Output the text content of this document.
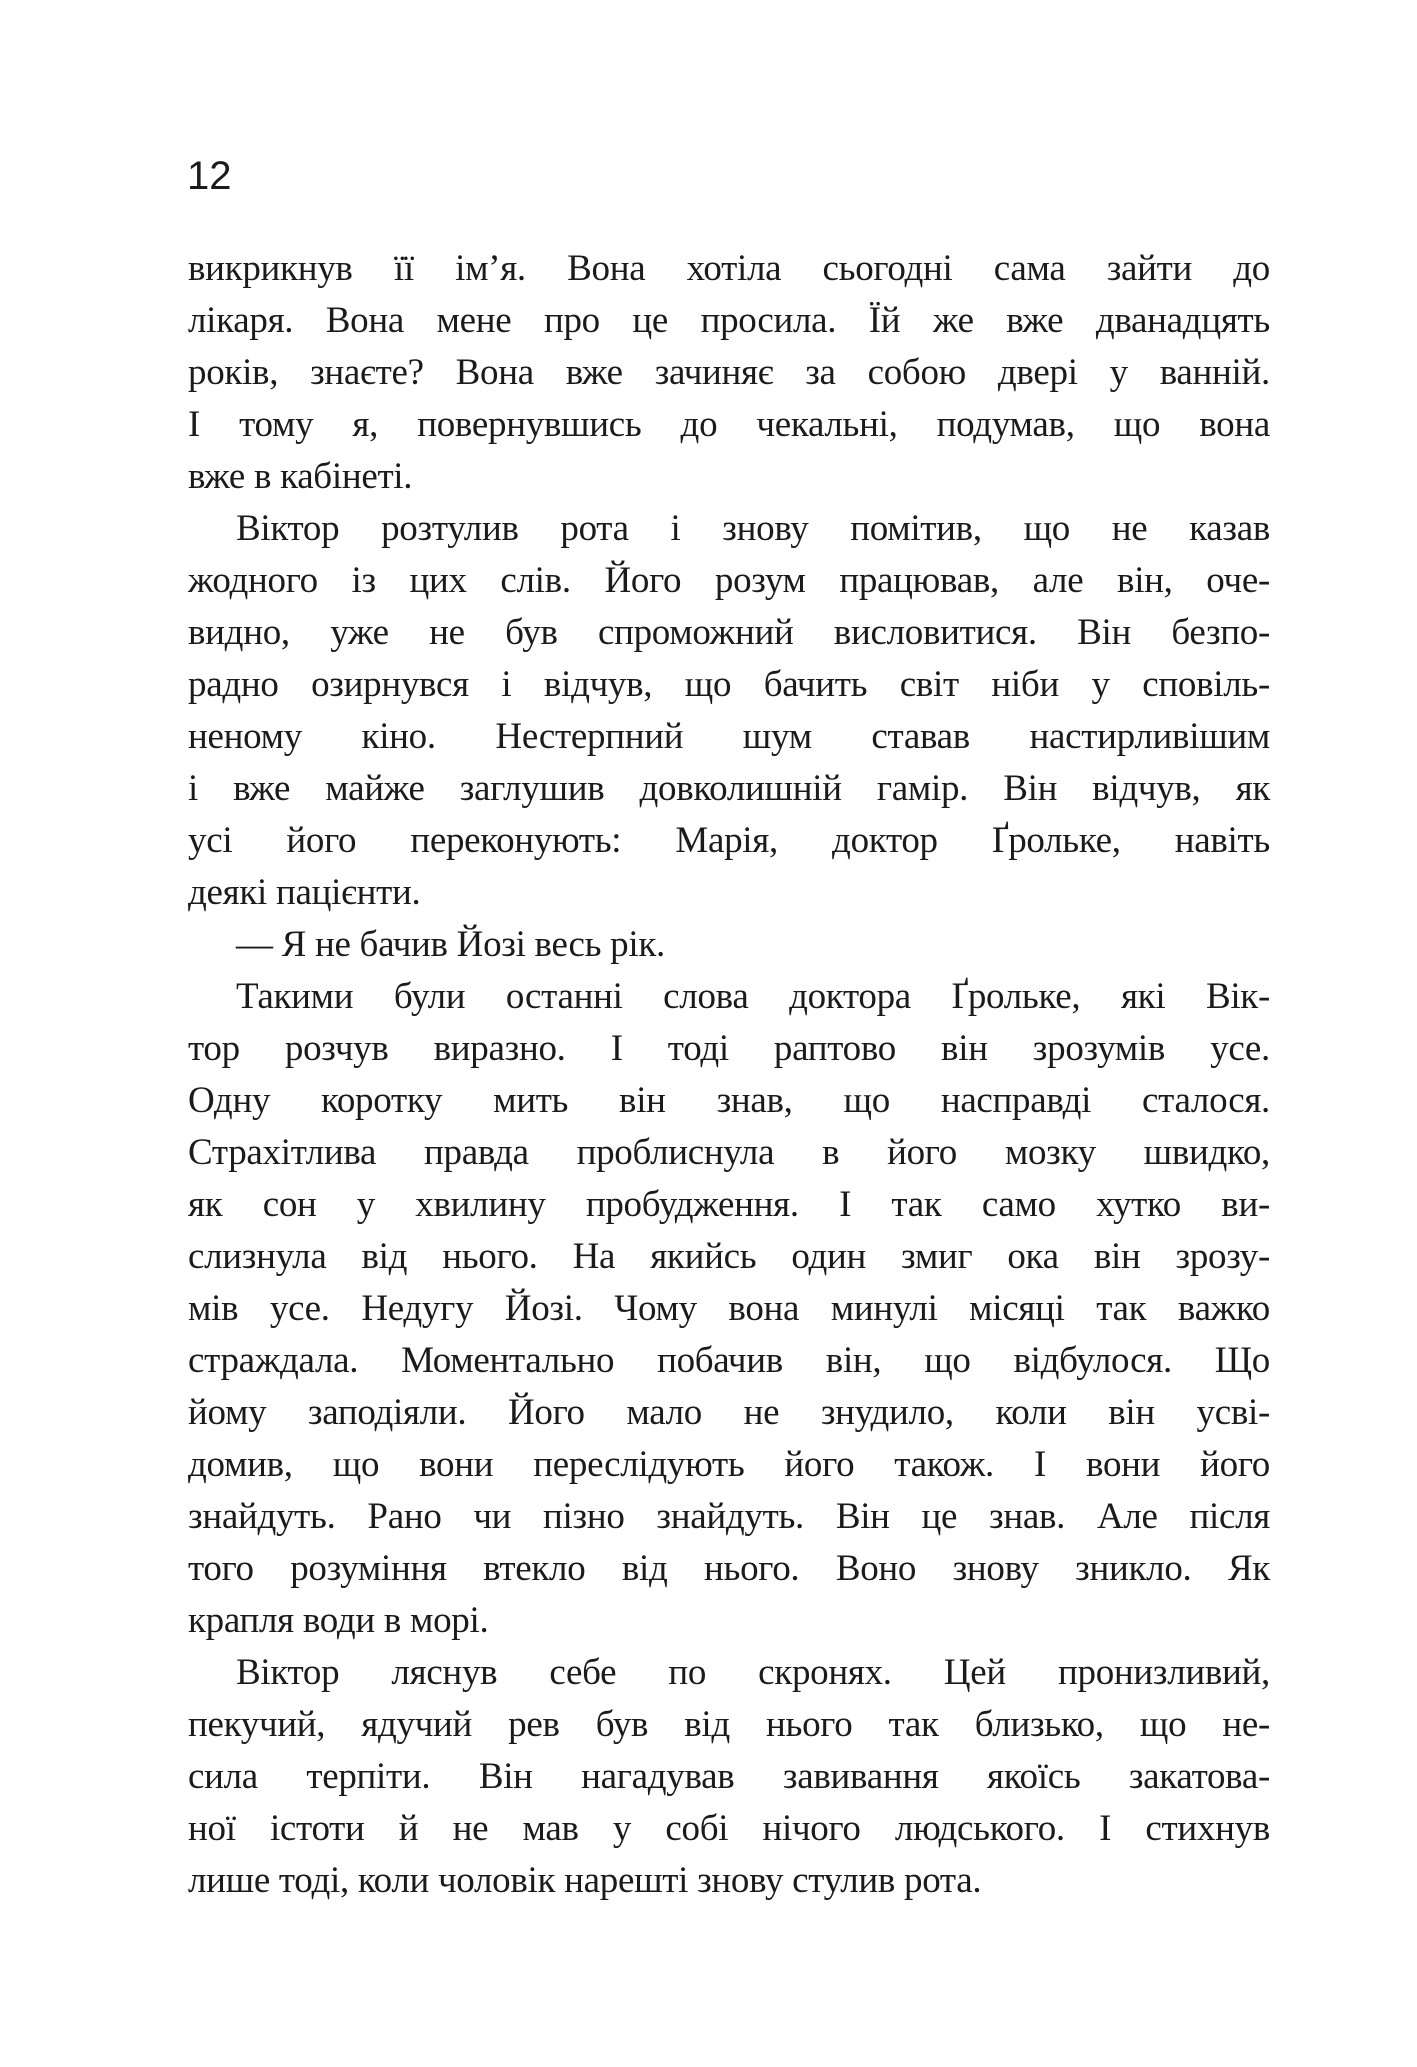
12
викрикнув її ім’я. Вона хотіла сьогодні сама зайти до
лікаря. Вона мене про це просила. Їй же вже дванадцять
років, знаєте? Вона вже зачиняє за собою двері у ванній.
І тому я, повернувшись до чекальні, подумав, що вона
вже в кабінеті.
Віктор розтулив рота і знову помітив, що не казав
жодного із цих слів. Його розум працював, але він, оче-
видно, уже не був спроможний висловитися. Він безпо-
радно озирнувся і відчув, що бачить світ ніби у сповіль-
неному кіно. Нестерпний шум ставав настирливішим
і вже майже заглушив довколишній гамір. Він відчув, як
усі його переконують: Марія, доктор Ґрольке, навіть
деякі пацієнти.
— Я не бачив Йозі весь рік.
Такими були останні слова доктора Ґрольке, які Вік-
тор розчув виразно. І тоді раптово він зрозумів усе.
Одну коротку мить він знав, що насправді сталося.
Страхітлива правда проблиснула в його мозку швидко,
як сон у хвилину пробудження. І так само хутко ви-
слизнула від нього. На якийсь один змиг ока він зрозу-
мів усе. Недугу Йозі. Чому вона минулі місяці так важко
страждала. Моментально побачив він, що відбулося. Що
йому заподіяли. Його мало не знудило, коли він усві-
домив, що вони переслідують його також. І вони його
знайдуть. Рано чи пізно знайдуть. Він це знав. Але після
того розуміння втекло від нього. Воно знову зникло. Як
крапля води в морі.
Віктор ляснув себе по скронях. Цей пронизливий,
пекучий, ядучий рев був від нього так близько, що не-
сила терпіти. Він нагадував завивання якоїсь закатова-
ної істоти й не мав у собі нічого людського. І стихнув
лише тоді, коли чоловік нарешті знову стулив рота.
